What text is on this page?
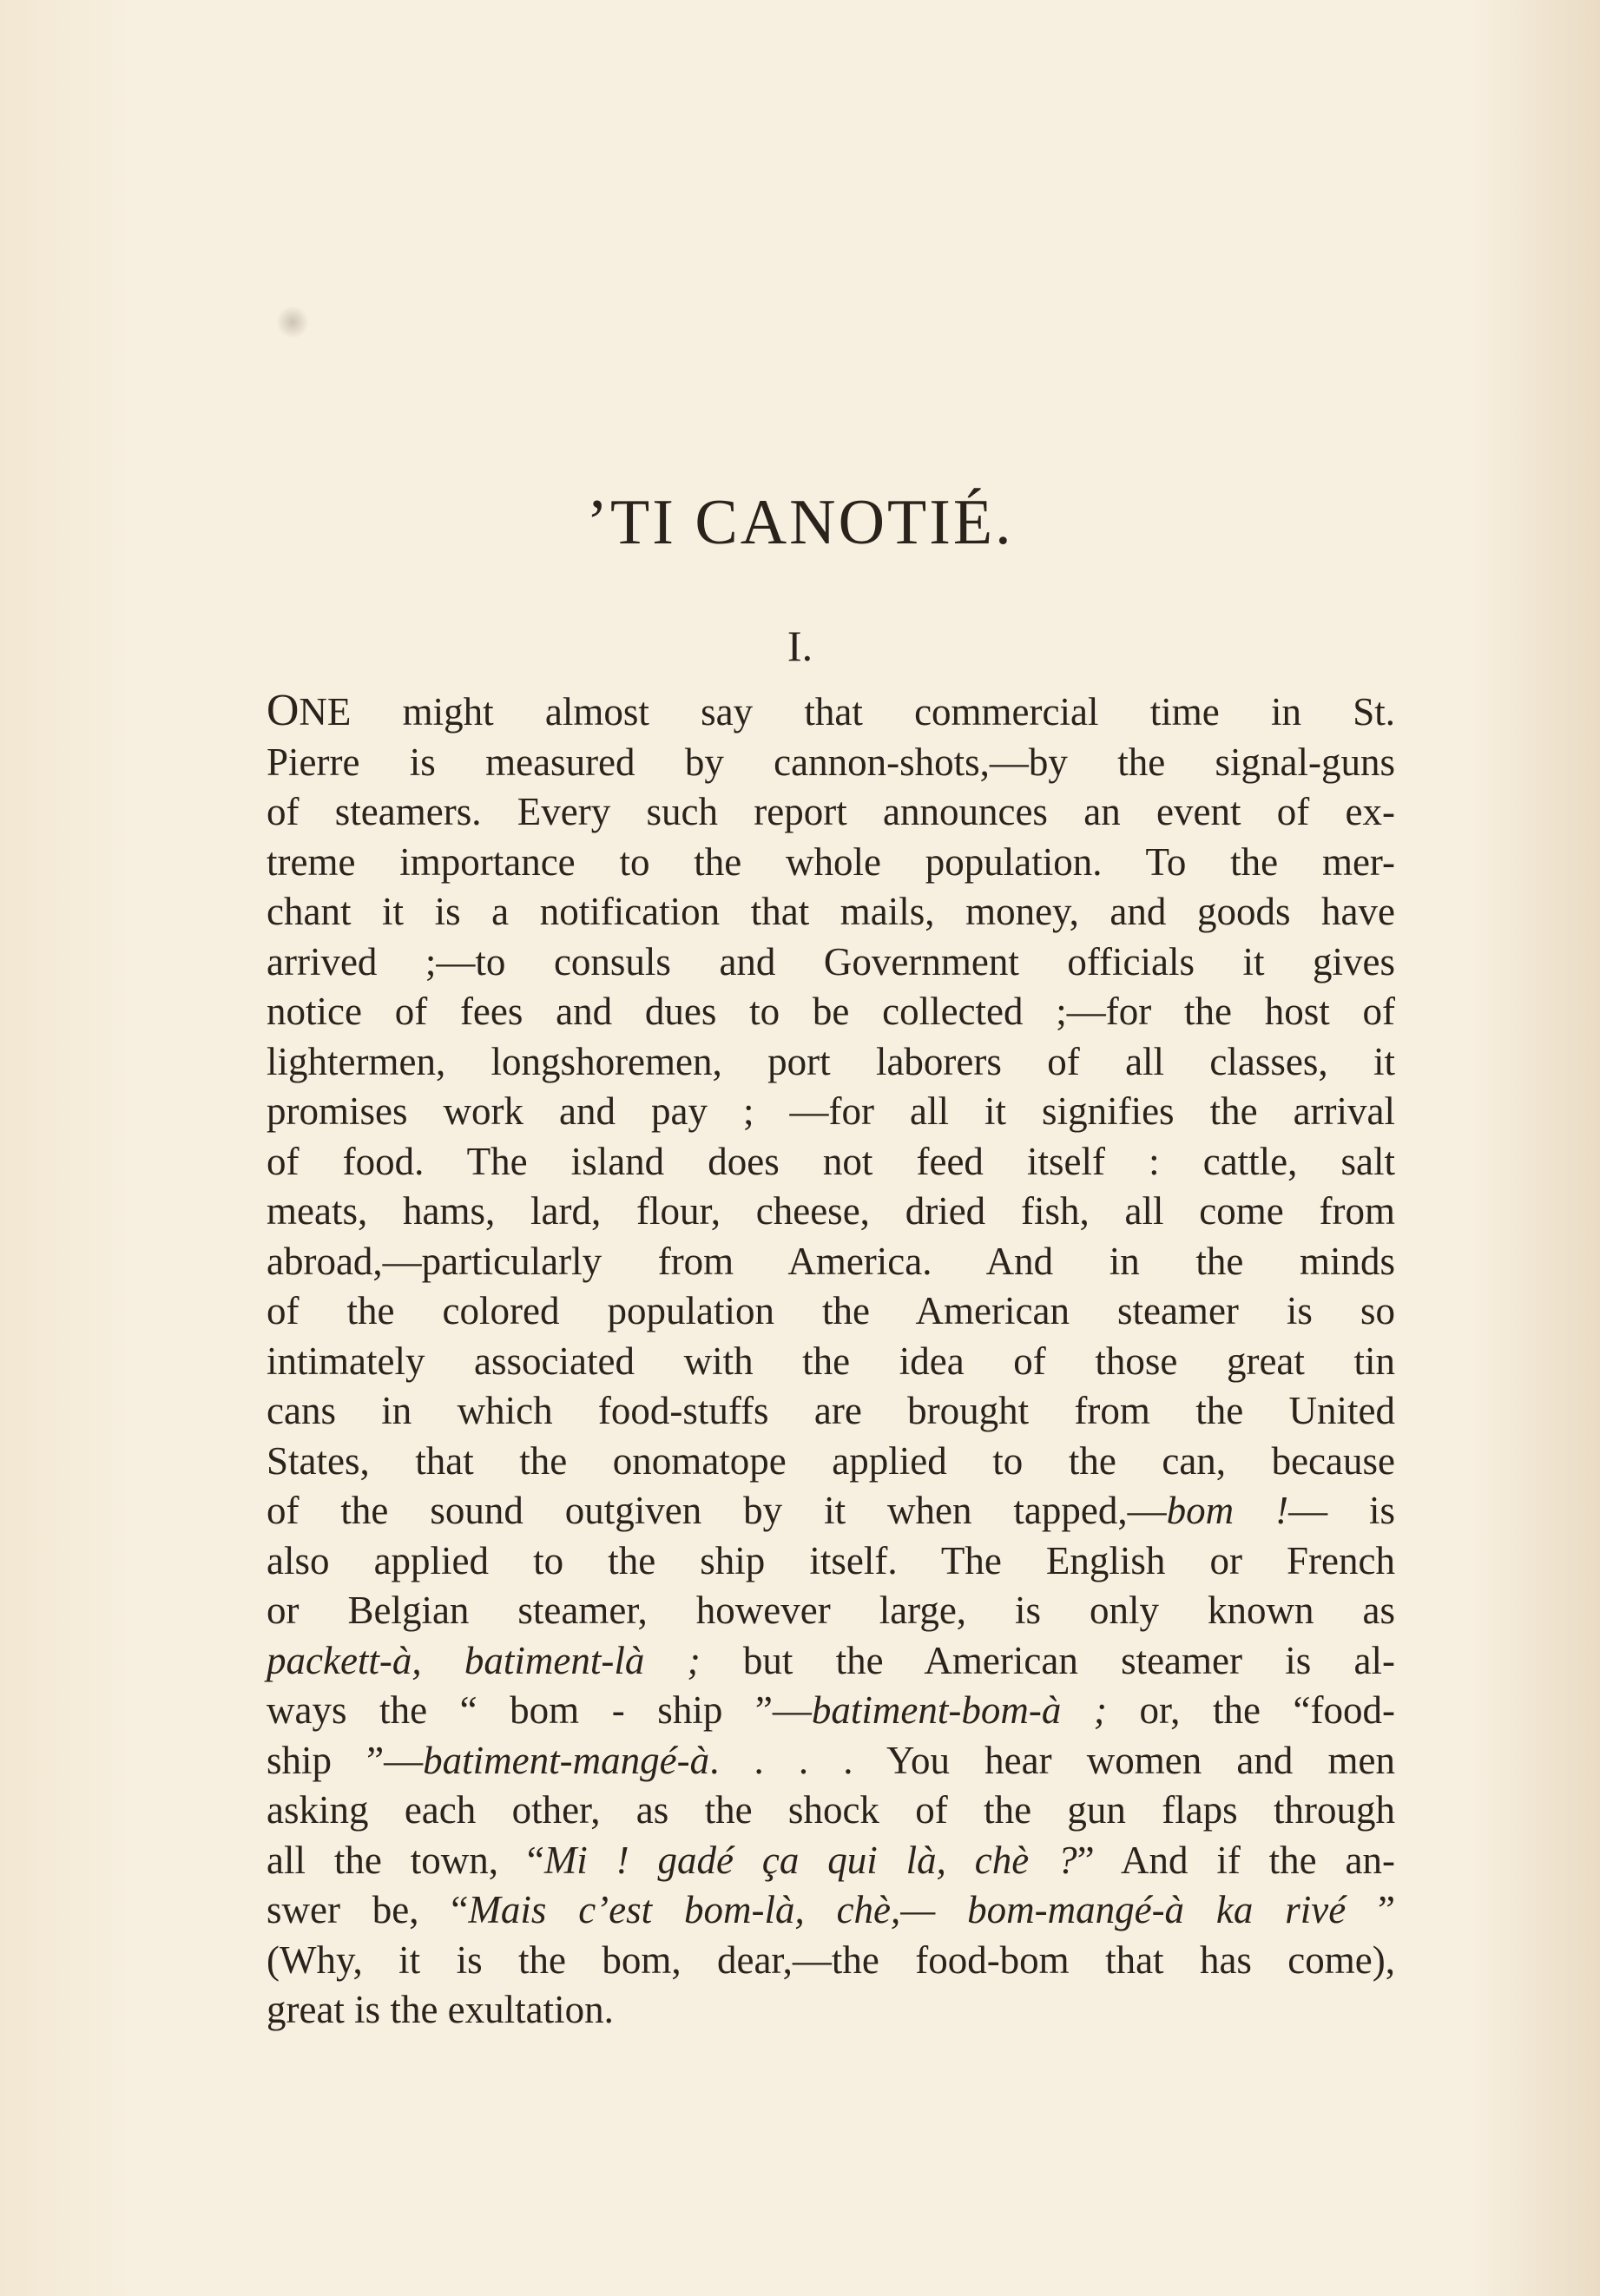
’TI CANOTIÉ.
I.
ONE might almost say that commercial time in St.
Pierre is measured by cannon-shots,—by the signal-guns
of steamers. Every such report announces an event of ex-
treme importance to the whole population. To the mer-
chant it is a notification that mails, money, and goods have
arrived ;—to consuls and Government officials it gives
notice of fees and dues to be collected ;—for the host of
lightermen, longshoremen, port laborers of all classes, it
promises work and pay ; —for all it signifies the arrival
of food. The island does not feed itself : cattle, salt
meats, hams, lard, flour, cheese, dried fish, all come from
abroad,—particularly from America. And in the minds
of the colored population the American steamer is so
intimately associated with the idea of those great tin
cans in which food-stuffs are brought from the United
States, that the onomatope applied to the can, because
of the sound outgiven by it when tapped,—bom !— is
also applied to the ship itself. The English or French
or Belgian steamer, however large, is only known as
packett-à, batiment-là ; but the American steamer is al-
ways the “ bom - ship ”—batiment-bom-à ; or, the “food-
ship ”—batiment-mangé-à. . . . You hear women and men
asking each other, as the shock of the gun flaps through
all the town, “Mi ! gadé ça qui là, chè ?” And if the an-
swer be, “Mais c’est bom-là, chè,— bom-mangé-à ka rivé ”
(Why, it is the bom, dear,—the food-bom that has come),
great is the exultation.
